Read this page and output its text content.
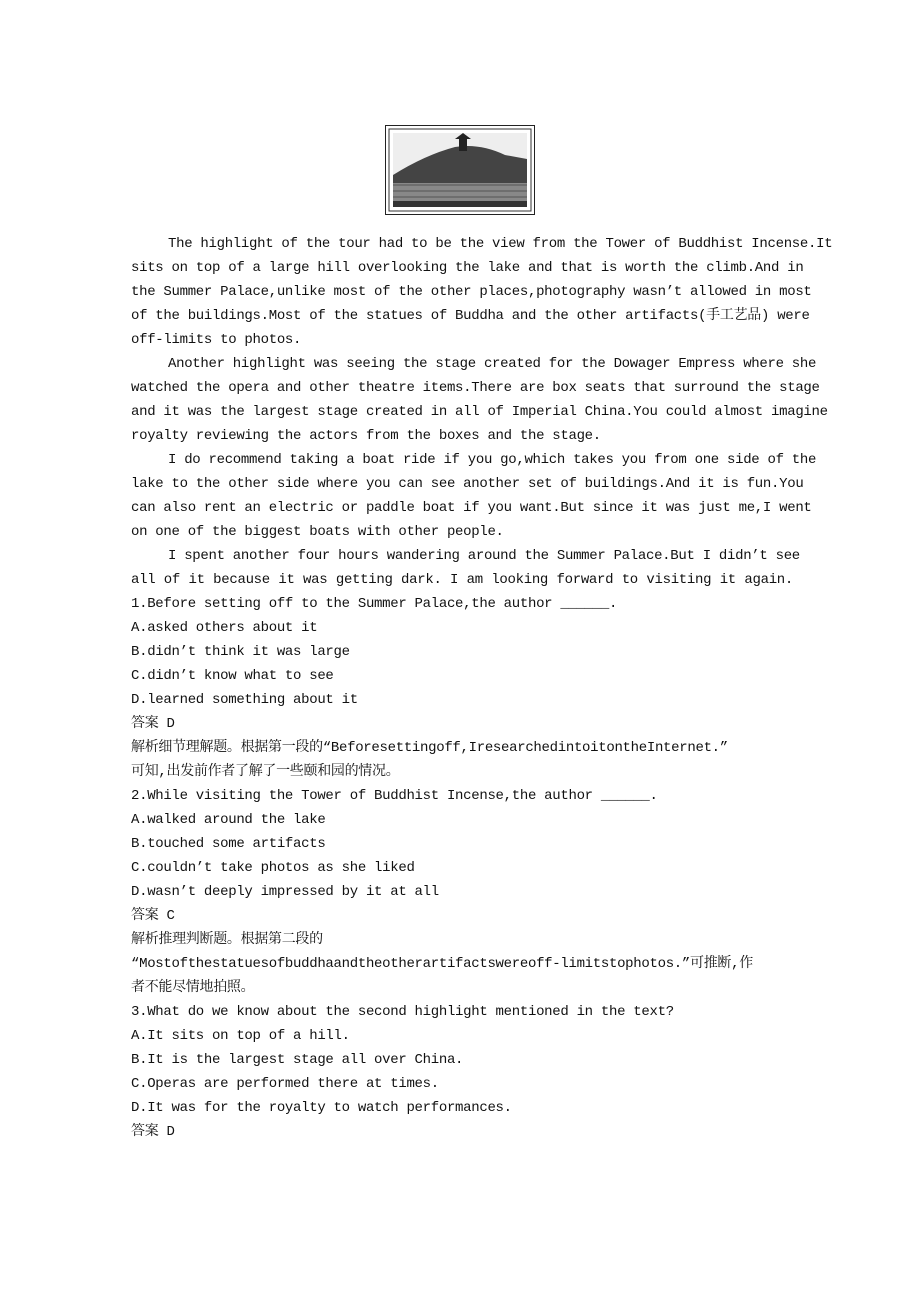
The highlight of the tour had to be the view from the Tower of Buddhist Incense.It
sits on top of a large hill overlooking the lake and that is worth the climb.And in
the Summer Palace,unlike most of the other places,photography wasn’t allowed in most
of the buildings.Most of the statues of Buddha and the other artifacts(手工艺品) were
off-limits to photos.
Another highlight was seeing the stage created for the Dowager Empress where she
watched the opera and other theatre items.There are box seats that surround the stage
and it was the largest stage created in all of Imperial China.You could almost imagine
royalty reviewing the actors from the boxes and the stage.
I do recommend taking a boat ride if you go,which takes you from one side of the
lake to the other side where you can see another set of buildings.And it is fun.You
can also rent an electric or paddle boat if you want.But since it was just me,I went
on one of the biggest boats with other people.
I spent another four hours wandering around the Summer Palace.But I didn’t see
all of it because it was getting dark. I am looking forward to visiting it again.
1.Before setting off to the Summer Palace,the author ______.
A.asked others about it
B.didn’t think it was large
C.didn’t know what to see
D.learned something about it
答案 D
解析细节理解题。根据第一段的“Beforesettingoff,IresearchedintoitontheInternet.”
可知,出发前作者了解了一些颐和园的情况。
2.While visiting the Tower of Buddhist Incense,the author ______.
A.walked around the lake
B.touched some artifacts
C.couldn’t take photos as she liked
D.wasn’t deeply impressed by it at all
答案 C
解析推理判断题。根据第二段的
“Mostofthestatuesofbuddhaandtheotherartifactswereoff-limitstophotos.”可推断,作
者不能尽情地拍照。
3.What do we know about the second highlight mentioned in the text?
A.It sits on top of a hill.
B.It is the largest stage all over China.
C.Operas are performed there at times.
D.It was for the royalty to watch performances.
答案 D
